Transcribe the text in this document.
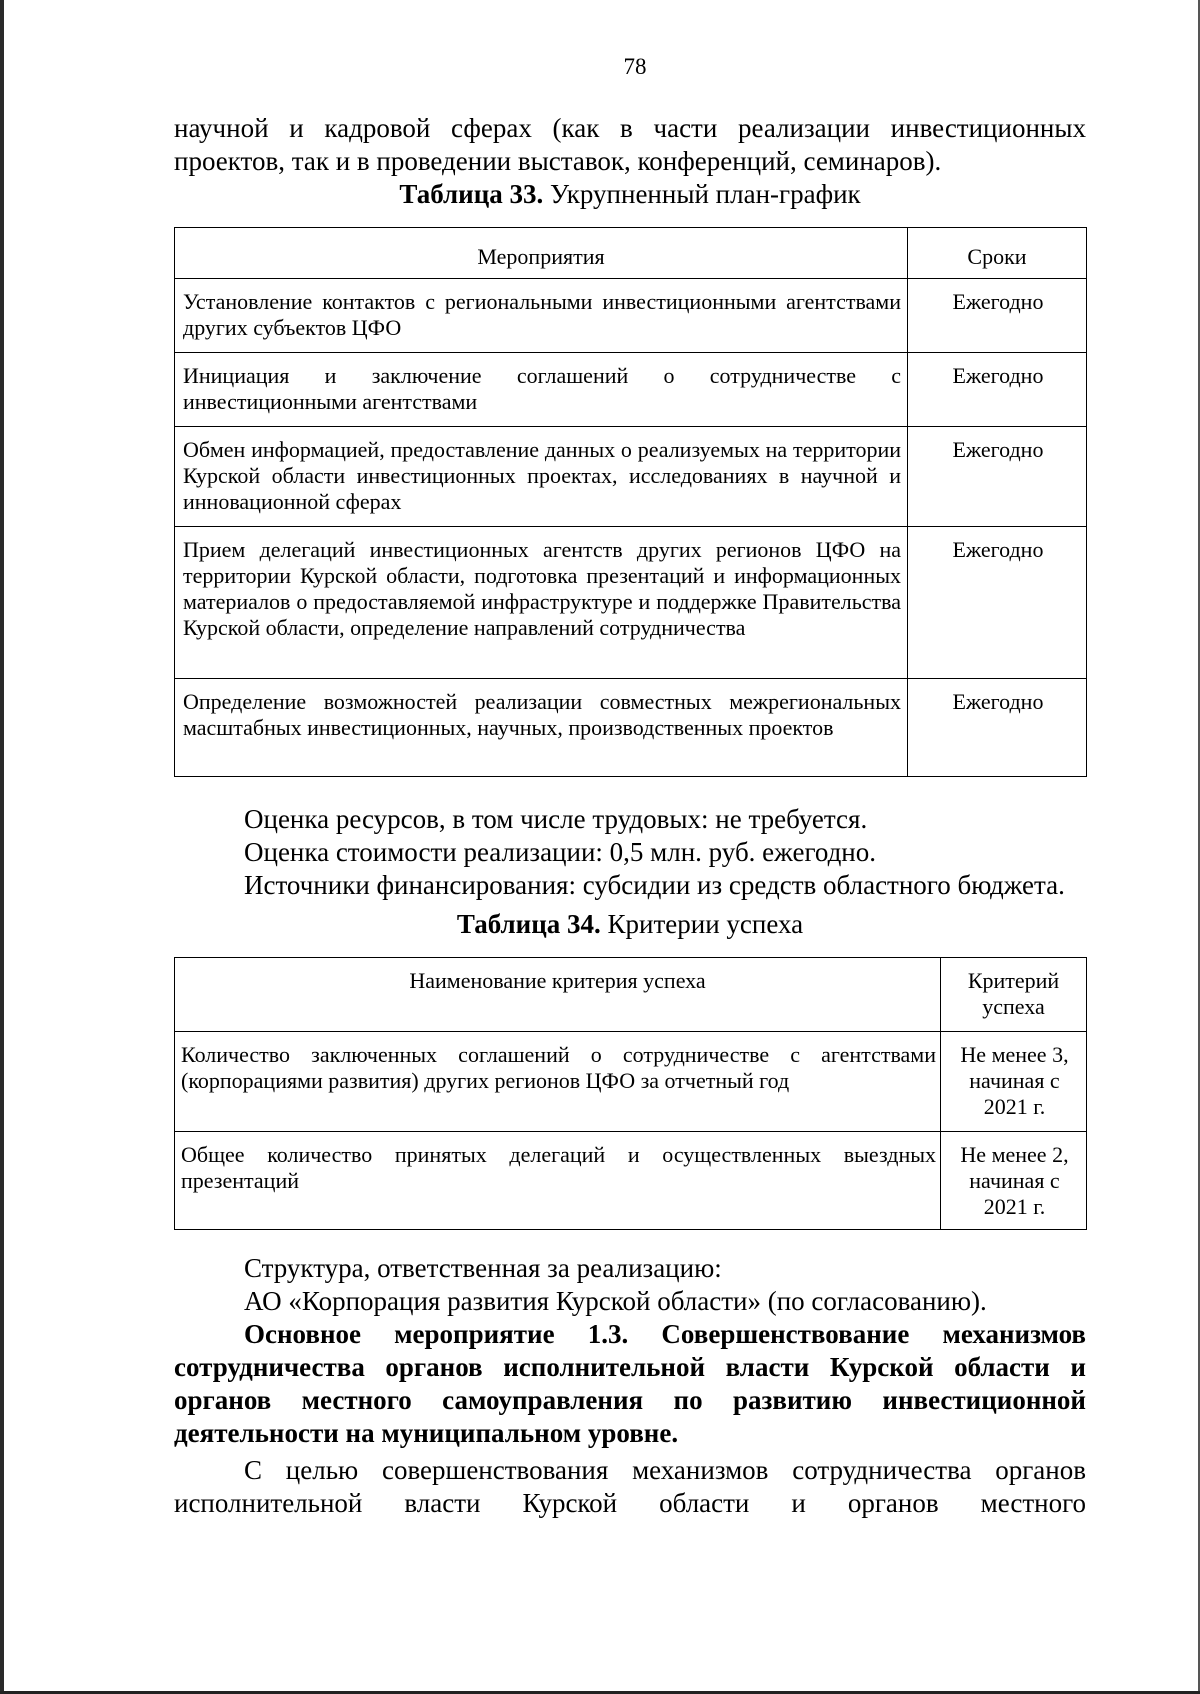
78

научной и кадровой сферах (как в части реализации инвестиционных проектов, так и в проведении выставок, конференций, семинаров).

Таблица 33. Укрупненный план-график
Мероприятия	Сроки
Установление контактов с региональными инвестиционными агентствами других субъектов ЦФО	Ежегодно
Инициация и заключение соглашений о сотрудничестве с инвестиционными агентствами	Ежегодно
Обмен информацией, предоставление данных о реализуемых на территории Курской области инвестиционных проектах, исследованиях в научной и инновационной сферах	Ежегодно
Прием делегаций инвестиционных агентств других регионов ЦФО на территории Курской области, подготовка презентаций и информационных материалов о предоставляемой инфраструктуре и поддержке Правительства Курской области, определение направлений сотрудничества	Ежегодно
Определение возможностей реализации совместных межрегиональных масштабных инвестиционных, научных, производственных проектов	Ежегодно

Оценка ресурсов, в том числе трудовых: не требуется.

Оценка стоимости реализации: 0,5 млн. руб. ежегодно.

Источники финансирования: субсидии из средств областного бюджета.

Таблица 34. Критерии успеха
Наименование критерия успеха	Критерий успеха
Количество заключенных соглашений о сотрудничестве с агентствами (корпорациями развития) других регионов ЦФО за отчетный год	Не менее 3, начиная с 2021 г.
Общее количество принятых делегаций и осуществленных выездных презентаций	Не менее 2, начиная с 2021 г.

Структура, ответственная за реализацию:

АО «Корпорация развития Курской области» (по согласованию).

Основное мероприятие 1.3. Совершенствование механизмов сотрудничества органов исполнительной власти Курской области и органов местного самоуправления по развитию инвестиционной деятельности на муниципальном уровне.

С целью совершенствования механизмов сотрудничества органов исполнительной власти Курской области и органов местного
